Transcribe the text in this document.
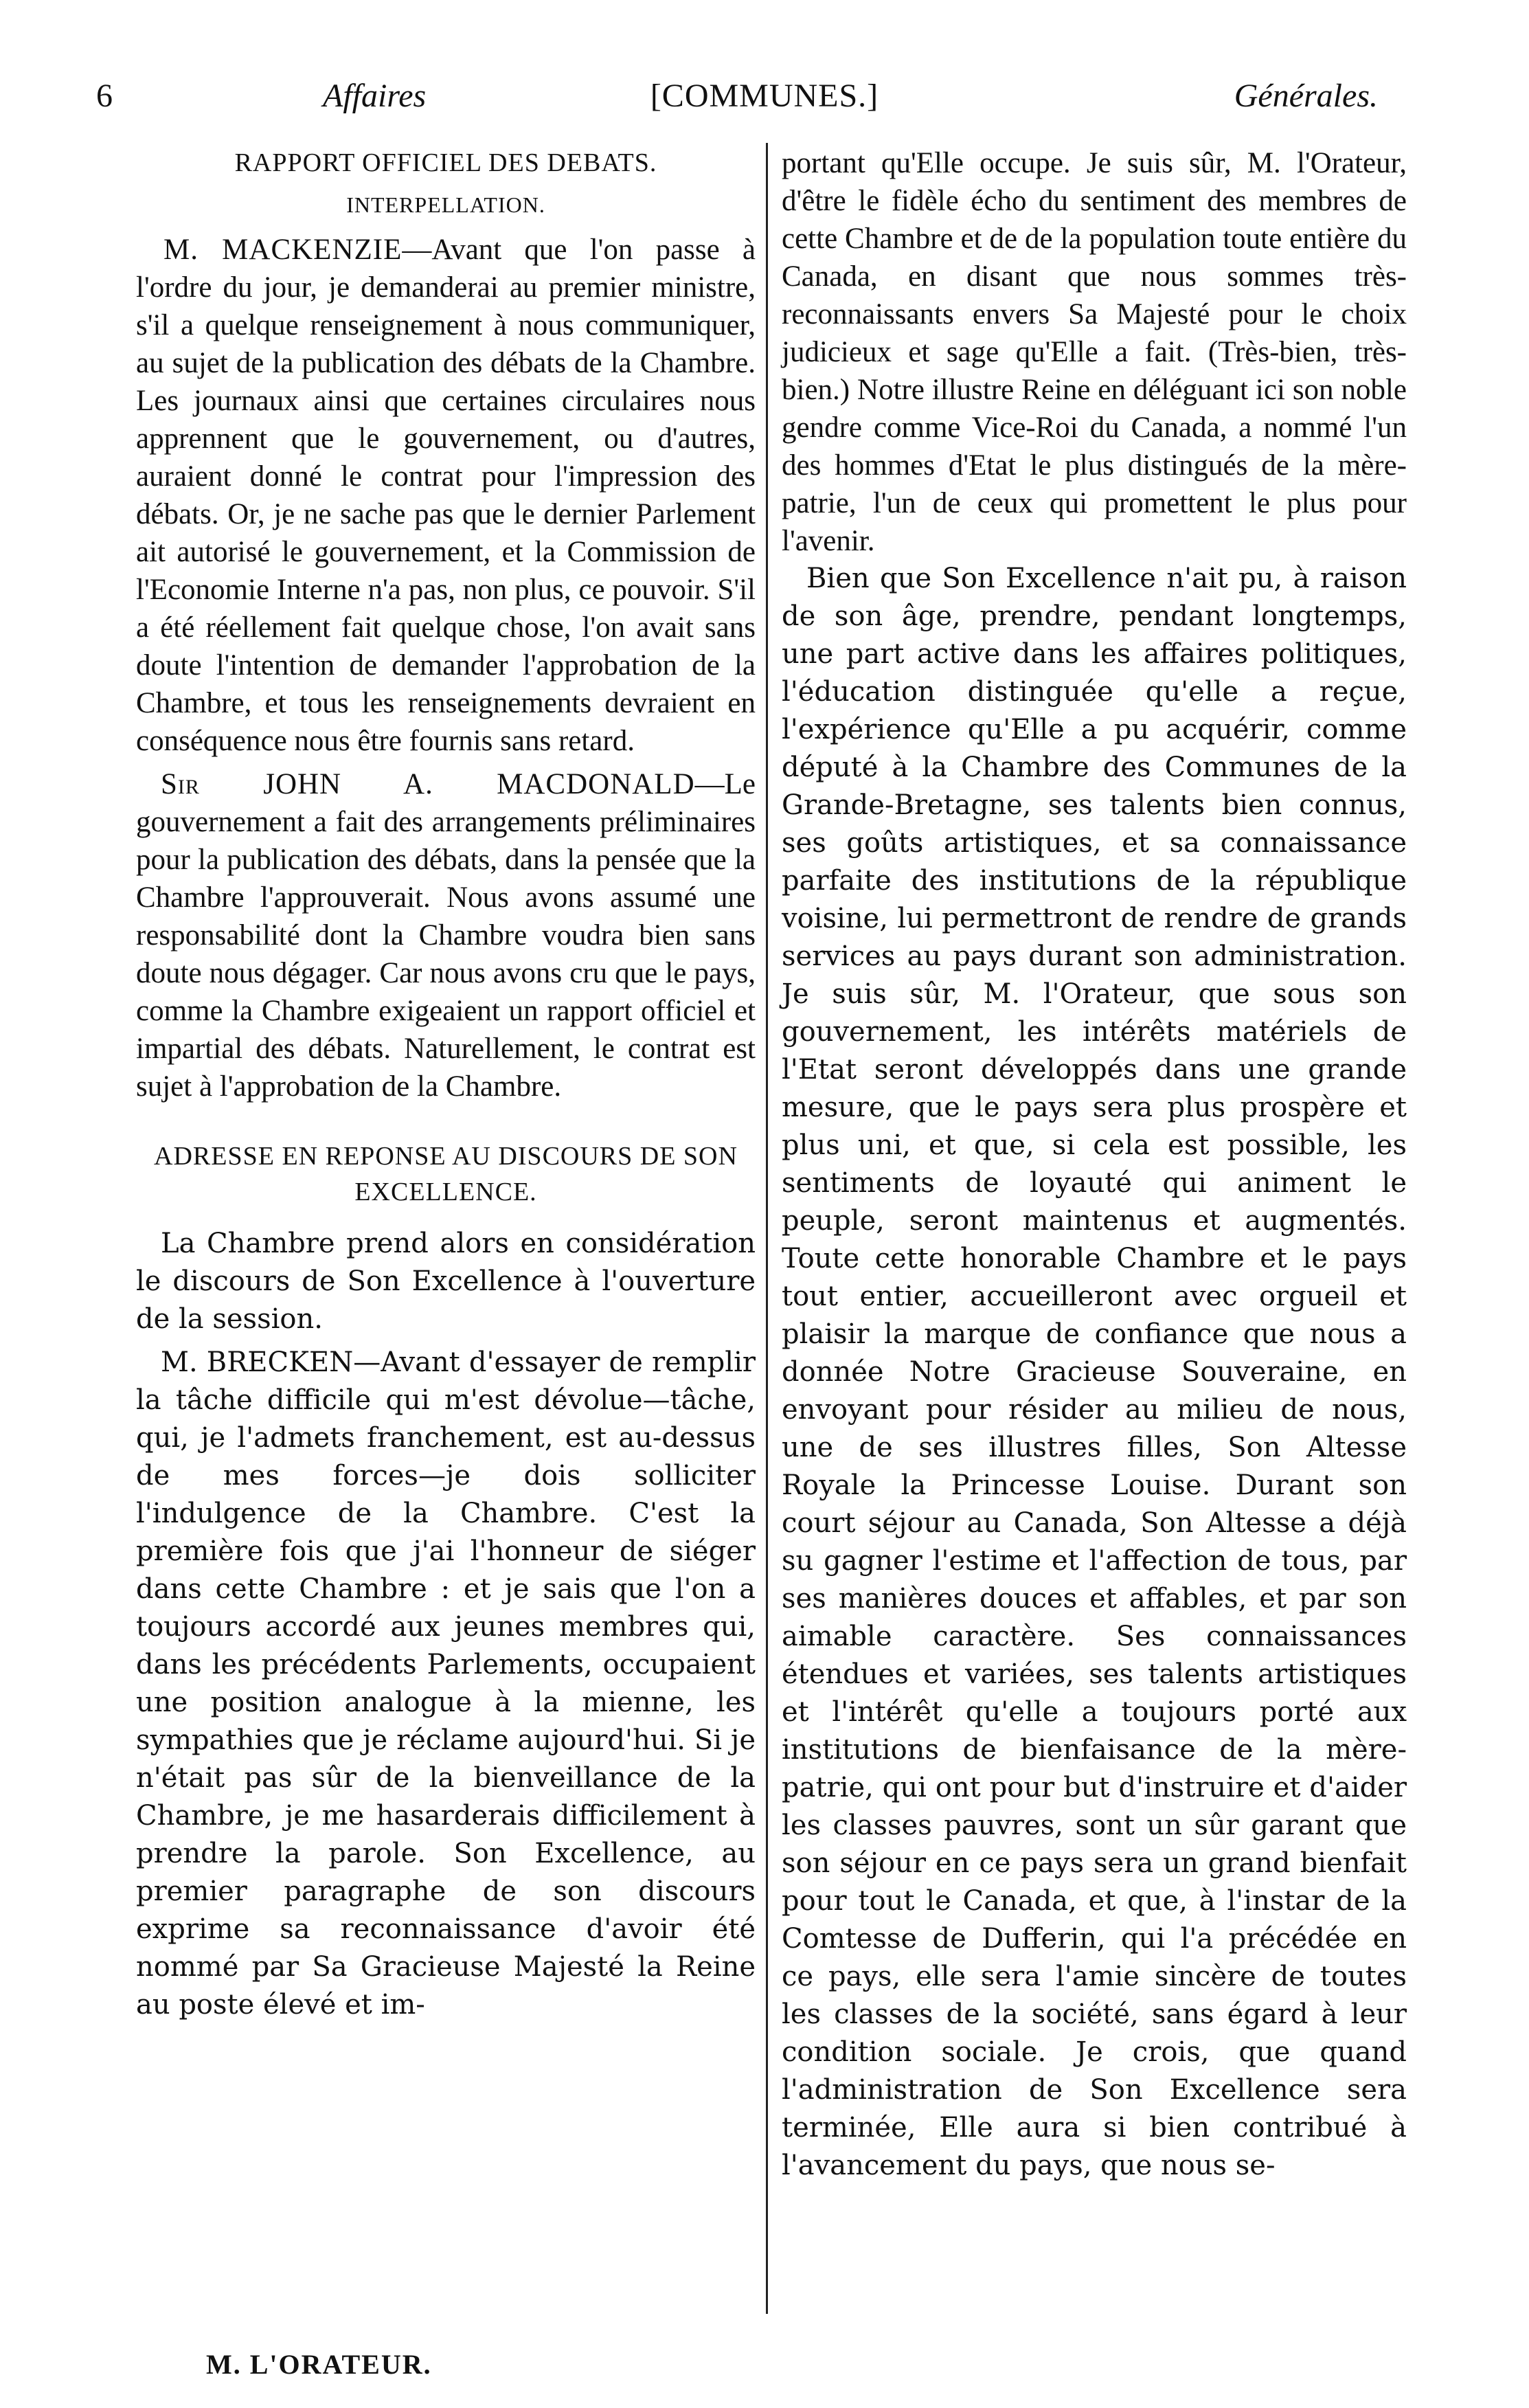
6	Affaires	[COMMUNES.]	Générales.
RAPPORT OFFICIEL DES DEBATS.
INTERPELLATION.

M. MACKENZIE—Avant que l'on passe à l'ordre du jour, je demanderai au premier ministre, s'il a quelque renseignement à nous communiquer, au sujet de la publication des débats de la Chambre. Les journaux ainsi que certaines circulaires nous apprennent que le gouvernement, ou d'autres, auraient donné le contrat pour l'impression des débats. Or, je ne sache pas que le dernier Parlement ait autorisé le gouvernement, et la Commission de l'Economie Interne n'a pas, non plus, ce pouvoir. S'il a été réellement fait quelque chose, l'on avait sans doute l'intention de demander l'approbation de la Chambre, et tous les renseignements devraient en conséquence nous être fournis sans retard.

Sir JOHN A. MACDONALD—Le gouvernement a fait des arrangements préliminaires pour la publication des débats, dans la pensée que la Chambre l'approuverait. Nous avons assumé une responsabilité dont la Chambre voudra bien sans doute nous dégager. Car nous avons cru que le pays, comme la Chambre exigeaient un rapport officiel et impartial des débats. Naturellement, le contrat est sujet à l'approbation de la Chambre.

ADRESSE EN REPONSE AU DISCOURS DE SON EXCELLENCE.

La Chambre prend alors en considération le discours de Son Excellence à l'ouverture de la session.

M. BRECKEN—Avant d'essayer de remplir la tâche difficile qui m'est dévolue—tâche, qui, je l'admets franchement, est au-dessus de mes forces—je dois solliciter l'indulgence de la Chambre. C'est la première fois que j'ai l'honneur de siéger dans cette Chambre : et je sais que l'on a toujours accordé aux jeunes membres qui, dans les précédents Parlements, occupaient une position analogue à la mienne, les sympathies que je réclame aujourd'hui. Si je n'était pas sûr de la bienveillance de la Chambre, je me hasarderais difficilement à prendre la parole. Son Excellence, au premier paragraphe de son discours exprime sa reconnaissance d'avoir été nommé par Sa Gracieuse Majesté la Reine au poste élevé et im-

portant qu'Elle occupe. Je suis sûr, M. l'Orateur, d'être le fidèle écho du sentiment des membres de cette Chambre et de de la population toute entière du Canada, en disant que nous sommes très-reconnaissants envers Sa Majesté pour le choix judicieux et sage qu'Elle a fait. (Très-bien, très-bien.) Notre illustre Reine en déléguant ici son noble gendre comme Vice-Roi du Canada, a nommé l'un des hommes d'Etat le plus distingués de la mère-patrie, l'un de ceux qui promettent le plus pour l'avenir.

Bien que Son Excellence n'ait pu, à raison de son âge, prendre, pendant longtemps, une part active dans les affaires politiques, l'éducation distinguée qu'elle a reçue, l'expérience qu'Elle a pu acquérir, comme député à la Chambre des Communes de la Grande-Bretagne, ses talents bien connus, ses goûts artistiques, et sa connaissance parfaite des institutions de la république voisine, lui permettront de rendre de grands services au pays durant son administration. Je suis sûr, M. l'Orateur, que sous son gouvernement, les intérêts matériels de l'Etat seront développés dans une grande mesure, que le pays sera plus prospère et plus uni, et que, si cela est possible, les sentiments de loyauté qui animent le peuple, seront maintenus et augmentés. Toute cette honorable Chambre et le pays tout entier, accueilleront avec orgueil et plaisir la marque de confiance que nous a donnée Notre Gracieuse Souveraine, en envoyant pour résider au milieu de nous, une de ses illustres filles, Son Altesse Royale la Princesse Louise. Durant son court séjour au Canada, Son Altesse a déjà su gagner l'estime et l'affection de tous, par ses manières douces et affables, et par son aimable caractère. Ses connaissances étendues et variées, ses talents artistiques et l'intérêt qu'elle a toujours porté aux institutions de bienfaisance de la mère-patrie, qui ont pour but d'instruire et d'aider les classes pauvres, sont un sûr garant que son séjour en ce pays sera un grand bienfait pour tout le Canada, et que, à l'instar de la Comtesse de Dufferin, qui l'a précédée en ce pays, elle sera l'amie sincère de toutes les classes de la société, sans égard à leur condition sociale. Je crois, que quand l'administration de Son Excellence sera terminée, Elle aura si bien contribué à l'avancement du pays, que nous se-

M. L'ORATEUR.
